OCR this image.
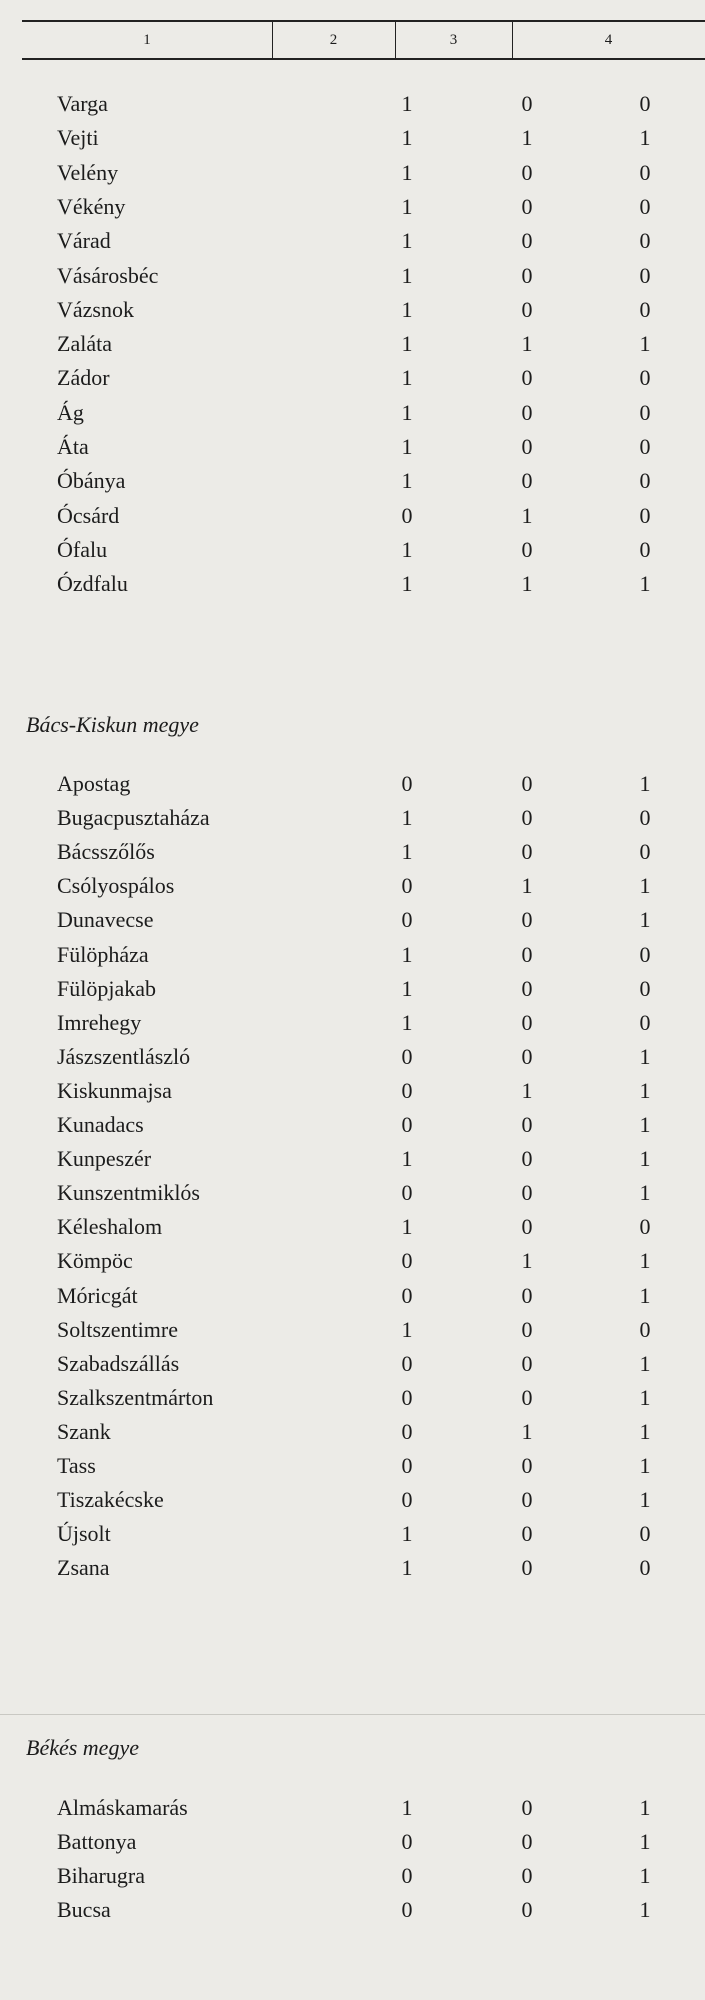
1	2	3	4
Varga	1	0	0
Vejti	1	1	1
Velény	1	0	0
Vékény	1	0	0
Várad	1	0	0
Vásárosbéc	1	0	0
Vázsnok	1	0	0
Zaláta	1	1	1
Zádor	1	0	0
Ág	1	0	0
Áta	1	0	0
Óbánya	1	0	0
Ócsárd	0	1	0
Ófalu	1	0	0
Ózdfalu	1	1	1
Bács-Kiskun megye
Apostag	0	0	1
Bugacpusztaháza	1	0	0
Bácsszőlős	1	0	0
Csólyospálos	0	1	1
Dunavecse	0	0	1
Fülöpháza	1	0	0
Fülöpjakab	1	0	0
Imrehegy	1	0	0
Jászszentlászló	0	0	1
Kiskunmajsa	0	1	1
Kunadacs	0	0	1
Kunpeszér	1	0	1
Kunszentmiklós	0	0	1
Kéleshalom	1	0	0
Kömpöc	0	1	1
Móricgát	0	0	1
Soltszentimre	1	0	0
Szabadszállás	0	0	1
Szalkszentmárton	0	0	1
Szank	0	1	1
Tass	0	0	1
Tiszakécske	0	0	1
Újsolt	1	0	0
Zsana	1	0	0
Békés megye
Almáskamarás	1	0	1
Battonya	0	0	1
Biharugra	0	0	1
Bucsa	0	0	1
